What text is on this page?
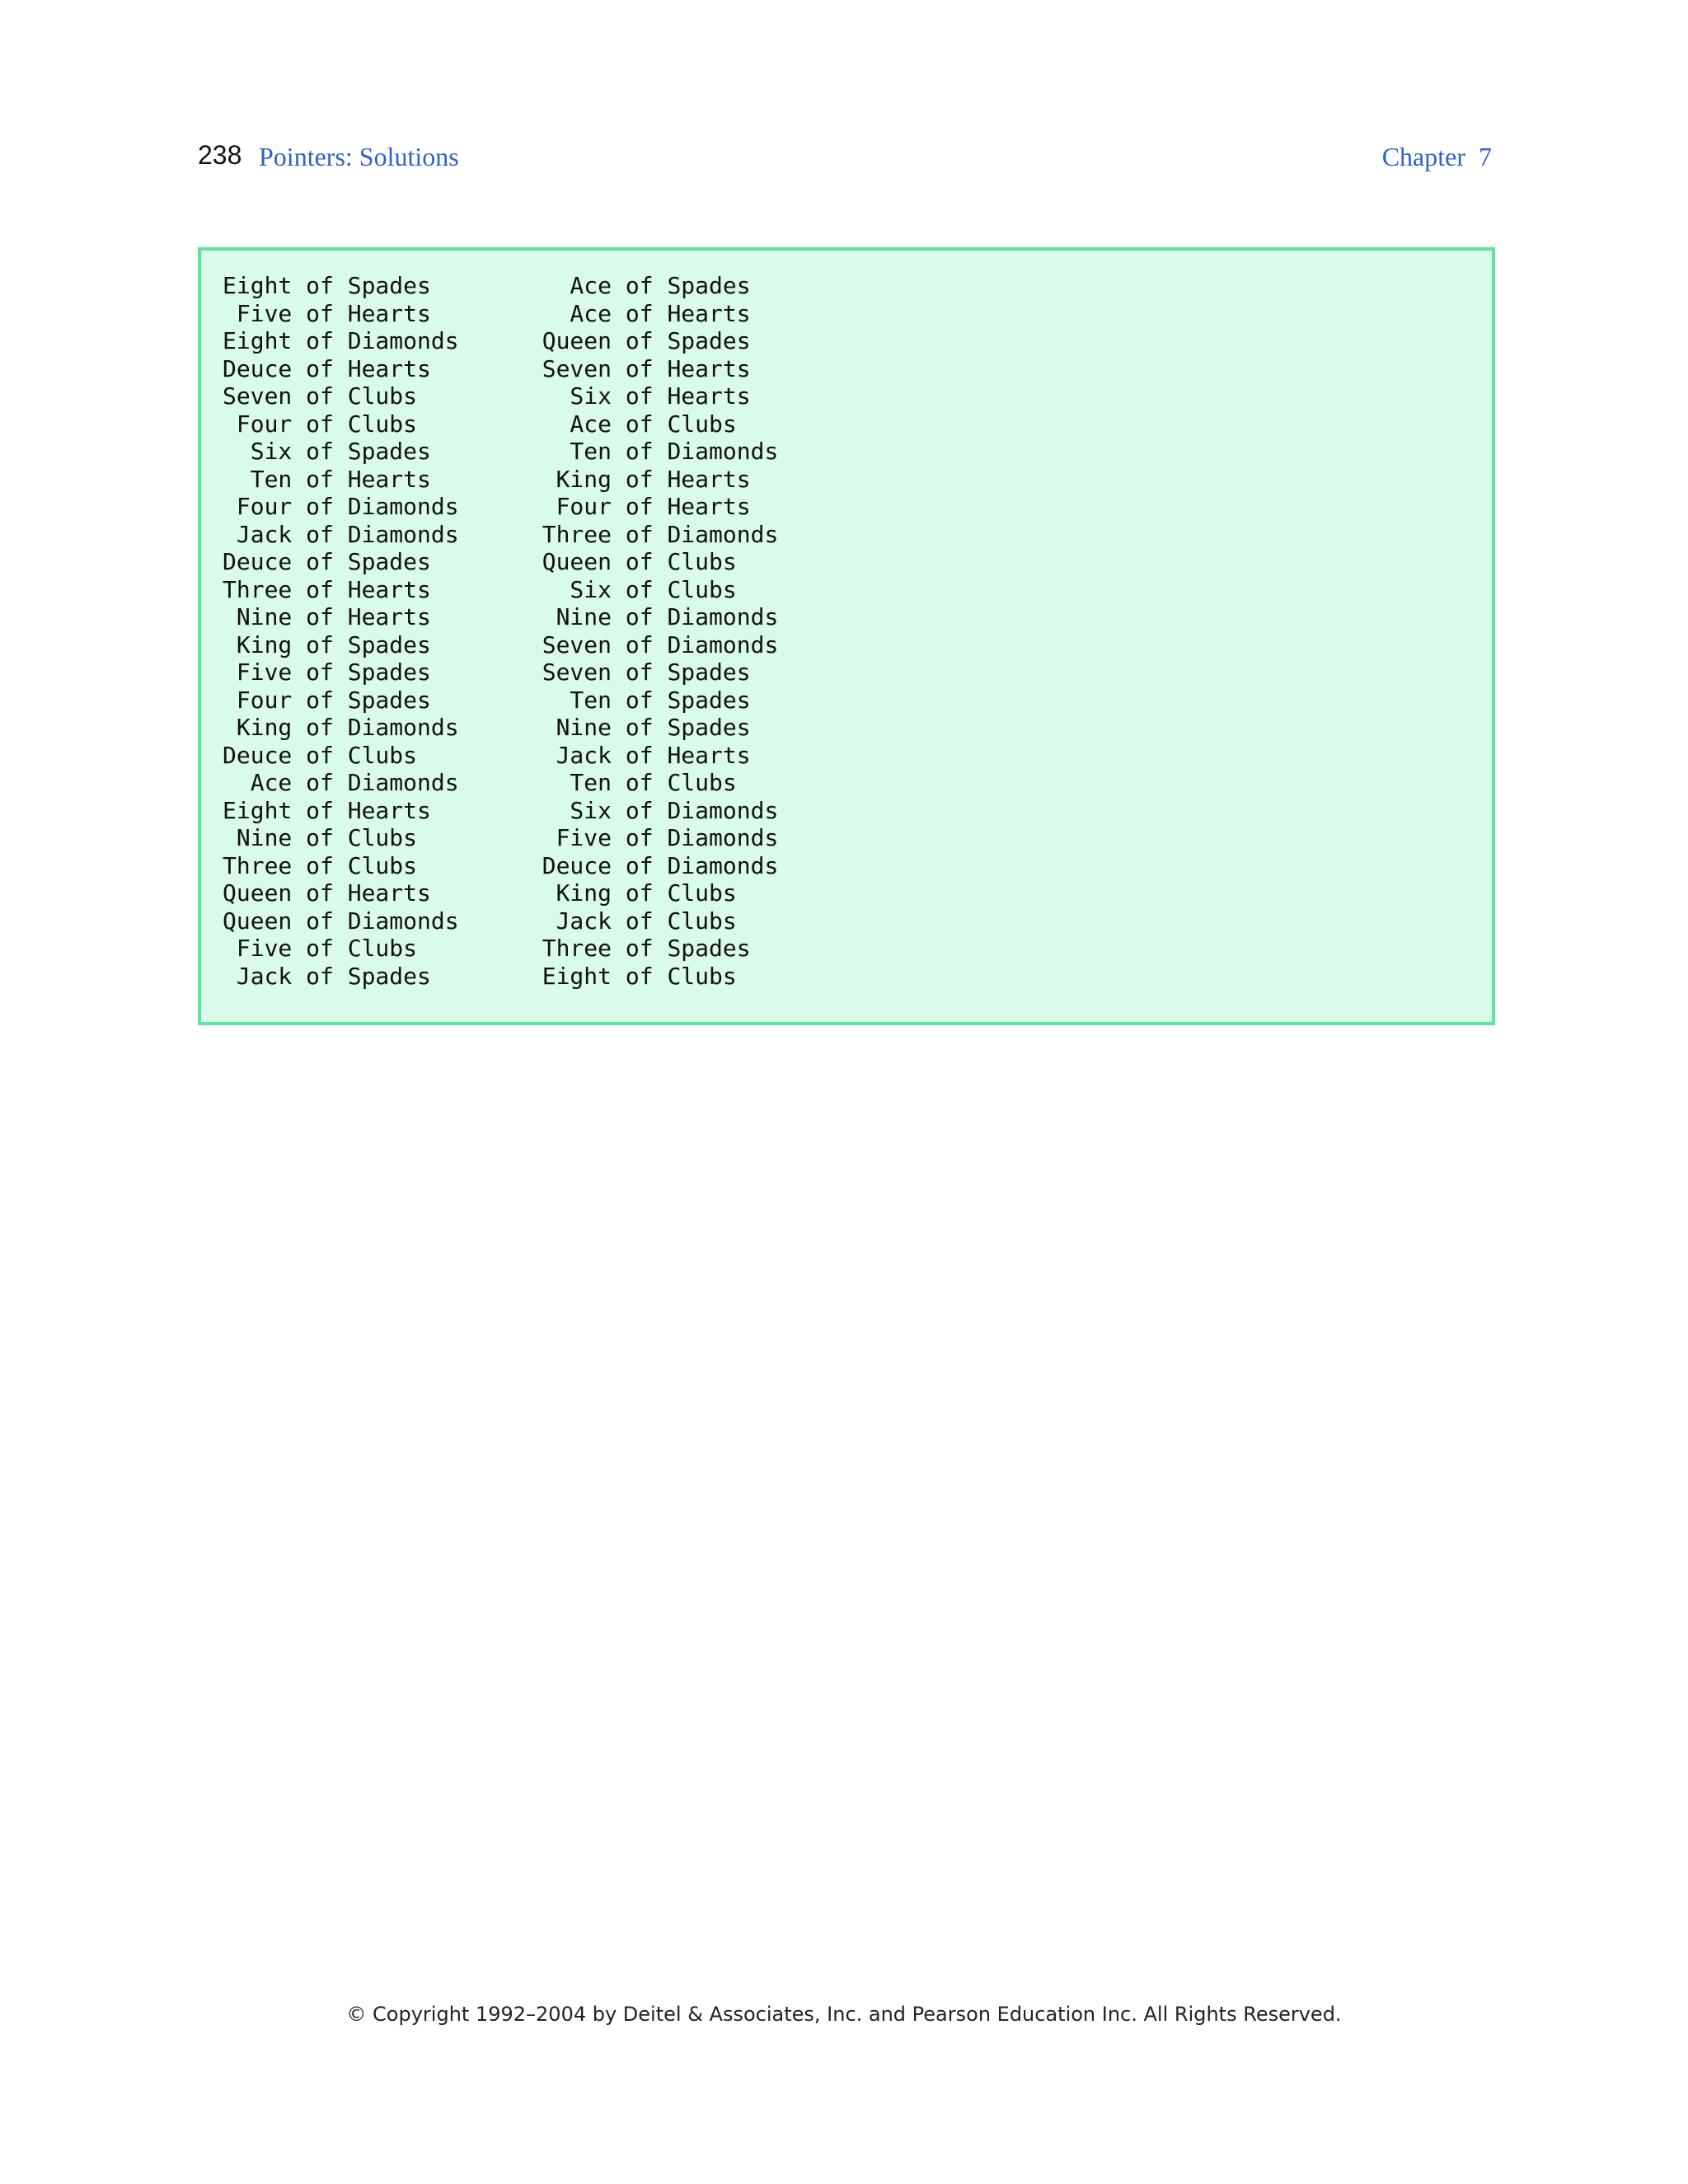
238 Pointers: Solutions	Chapter  7
Eight of Spades          Ace of Spades
Five of Hearts          Ace of Hearts
Eight of Diamonds      Queen of Spades
Deuce of Hearts        Seven of Hearts
Seven of Clubs           Six of Hearts
Four of Clubs           Ace of Clubs
Six of Spades          Ten of Diamonds
Ten of Hearts         King of Hearts
Four of Diamonds       Four of Hearts
Jack of Diamonds      Three of Diamonds
Deuce of Spades        Queen of Clubs
Three of Hearts          Six of Clubs
Nine of Hearts         Nine of Diamonds
King of Spades        Seven of Diamonds
Five of Spades        Seven of Spades
Four of Spades          Ten of Spades
King of Diamonds       Nine of Spades
Deuce of Clubs          Jack of Hearts
Ace of Diamonds        Ten of Clubs
Eight of Hearts          Six of Diamonds
Nine of Clubs          Five of Diamonds
Three of Clubs         Deuce of Diamonds
Queen of Hearts         King of Clubs
Queen of Diamonds       Jack of Clubs
Five of Clubs         Three of Spades
Jack of Spades        Eight of Clubs
© Copyright 1992–2004 by Deitel & Associates, Inc. and Pearson Education Inc. All Rights Reserved.
